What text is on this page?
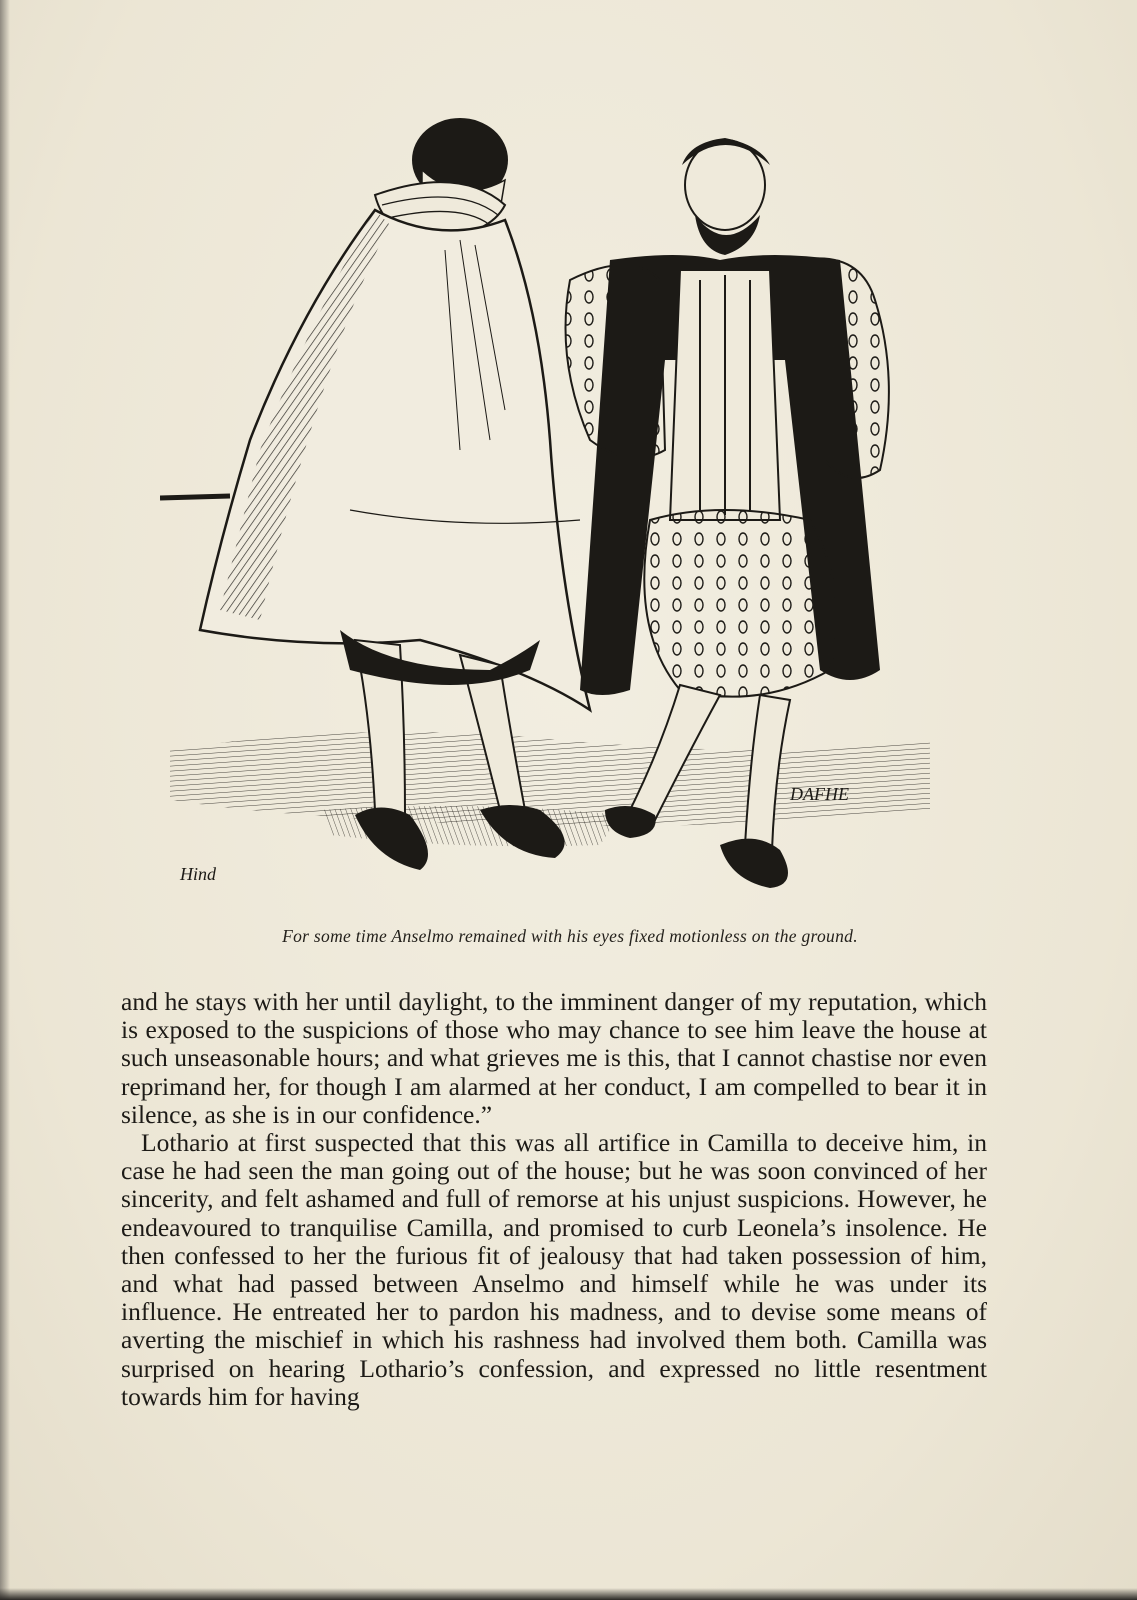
Hind
DAFHE
For some time Anselmo remained with his eyes fixed motionless on the ground.

and he stays with her until daylight, to the imminent danger of my reputation, which is exposed to the suspicions of those who may chance to see him leave the house at such unseasonable hours; and what grieves me is this, that I cannot chastise nor even reprimand her, for though I am alarmed at her conduct, I am compelled to bear it in silence, as she is in our confidence.”

Lothario at first suspected that this was all artifice in Camilla to deceive him, in case he had seen the man going out of the house; but he was soon convinced of her sincerity, and felt ashamed and full of remorse at his unjust suspicions. However, he endeavoured to tranquilise Camilla, and promised to curb Leonela’s insolence. He then confessed to her the furious fit of jealousy that had taken possession of him, and what had passed between Anselmo and himself while he was under its influence. He entreated her to pardon his madness, and to devise some means of averting the mischief in which his rashness had involved them both. Camilla was surprised on hearing Lothario’s confession, and expressed no little resentment towards him for having
